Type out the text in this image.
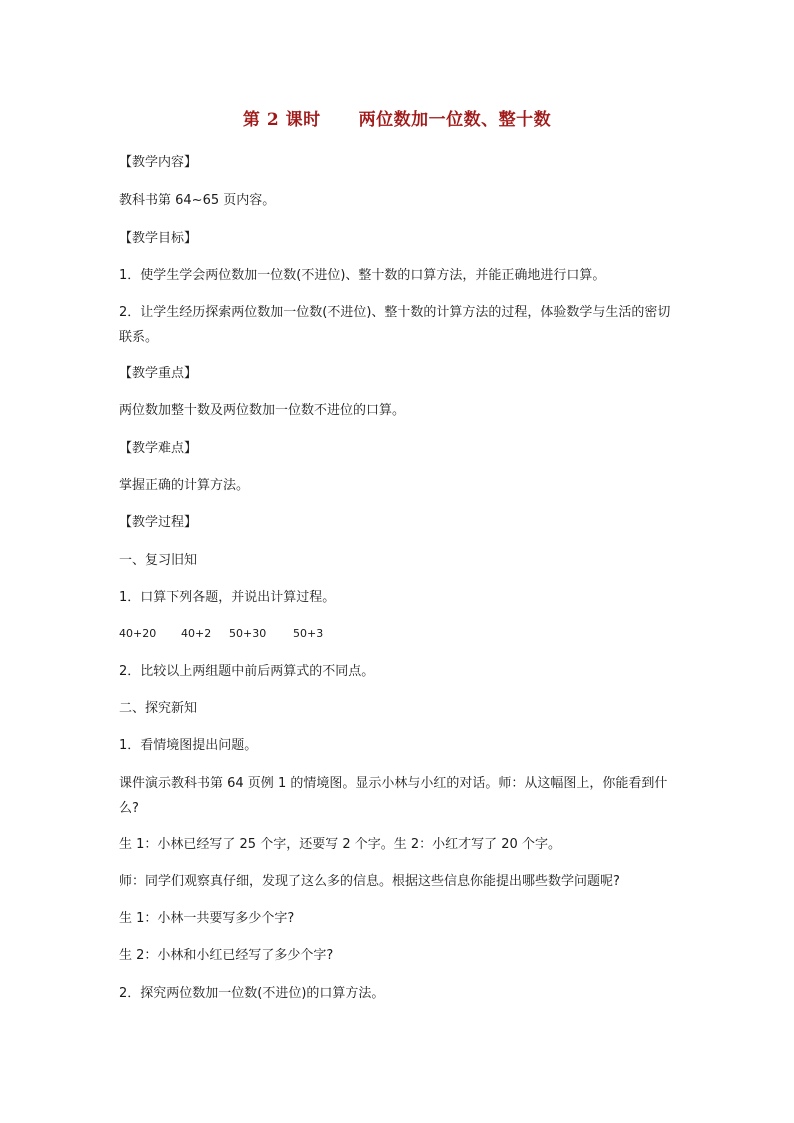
第 2 课时 两位数加一位数、整十数
【教学内容】
教科书第 64~65 页内容。
【教学目标】
1．使学生学会两位数加一位数(不进位)、整十数的口算方法，并能正确地进行口算。
2．让学生经历探索两位数加一位数(不进位)、整十数的计算方法的过程，体验数学与生活的密切联系。
【教学重点】
两位数加整十数及两位数加一位数不进位的口算。
【教学难点】
掌握正确的计算方法。
【教学过程】
一、复习旧知
1．口算下列各题，并说出计算过程。
40+20 40+2 50+30 50+3
2．比较以上两组题中前后两算式的不同点。
二、探究新知
1．看情境图提出问题。
课件演示教科书第 64 页例 1 的情境图。显示小林与小红的对话。师：从这幅图上，你能看到什么?
生 1：小林已经写了 25 个字，还要写 2 个字。生 2：小红才写了 20 个字。
师：同学们观察真仔细，发现了这么多的信息。根据这些信息你能提出哪些数学问题呢?
生 1：小林一共要写多少个字?
生 2：小林和小红已经写了多少个字?
2．探究两位数加一位数(不进位)的口算方法。
